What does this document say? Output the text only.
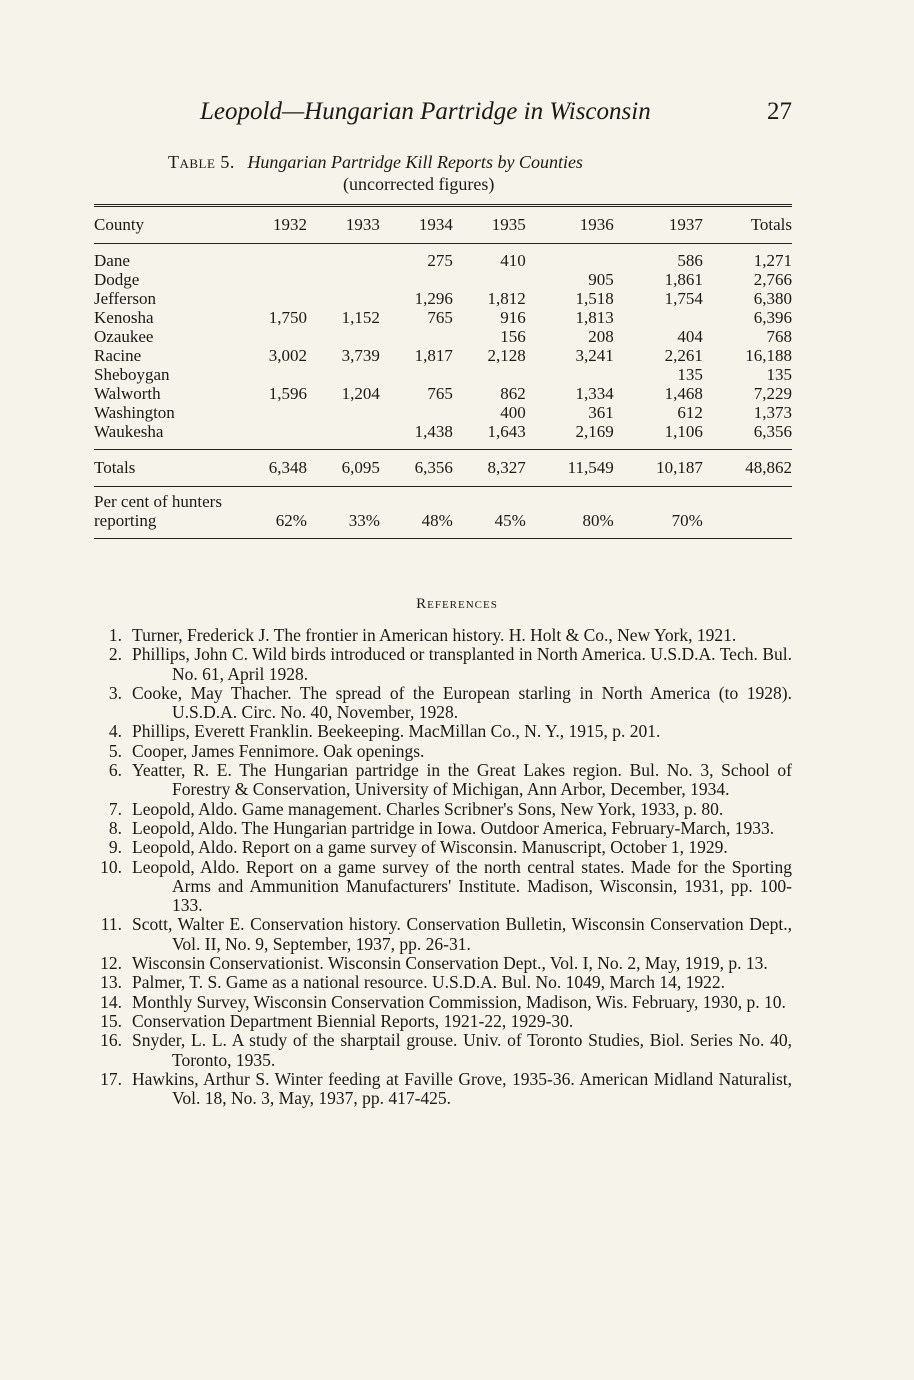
Leopold—Hungarian Partridge in Wisconsin	27
Table 5. Hungarian Partridge Kill Reports by Counties
(uncorrected figures)
County	1932	1933	1934	1935	1936	1937	Totals
Dane			275	410		586	1,271
Dodge					905	1,861	2,766
Jefferson			1,296	1,812	1,518	1,754	6,380
Kenosha	1,750	1,152	765	916	1,813		6,396
Ozaukee				156	208	404	768
Racine	3,002	3,739	1,817	2,128	3,241	2,261	16,188
Sheboygan						135	135
Walworth	1,596	1,204	765	862	1,334	1,468	7,229
Washington				400	361	612	1,373
Waukesha			1,438	1,643	2,169	1,106	6,356
Totals	6,348	6,095	6,356	8,327	11,549	10,187	48,862
Per cent of hunters reporting	62%	33%	48%	45%	80%	70%	
References
1. Turner, Frederick J. The frontier in American history. H. Holt & Co., New York, 1921.
2. Phillips, John C. Wild birds introduced or transplanted in North America. U.S.D.A. Tech. Bul. No. 61, April 1928.
3. Cooke, May Thacher. The spread of the European starling in North America (to 1928). U.S.D.A. Circ. No. 40, November, 1928.
4. Phillips, Everett Franklin. Beekeeping. MacMillan Co., N. Y., 1915, p. 201.
5. Cooper, James Fennimore. Oak openings.
6. Yeatter, R. E. The Hungarian partridge in the Great Lakes region. Bul. No. 3, School of Forestry & Conservation, University of Michigan, Ann Arbor, December, 1934.
7. Leopold, Aldo. Game management. Charles Scribner's Sons, New York, 1933, p. 80.
8. Leopold, Aldo. The Hungarian partridge in Iowa. Outdoor America, February-March, 1933.
9. Leopold, Aldo. Report on a game survey of Wisconsin. Manuscript, October 1, 1929.
10. Leopold, Aldo. Report on a game survey of the north central states. Made for the Sporting Arms and Ammunition Manufacturers' Institute. Madison, Wisconsin, 1931, pp. 100-133.
11. Scott, Walter E. Conservation history. Conservation Bulletin, Wisconsin Conservation Dept., Vol. II, No. 9, September, 1937, pp. 26-31.
12. Wisconsin Conservationist. Wisconsin Conservation Dept., Vol. I, No. 2, May, 1919, p. 13.
13. Palmer, T. S. Game as a national resource. U.S.D.A. Bul. No. 1049, March 14, 1922.
14. Monthly Survey, Wisconsin Conservation Commission, Madison, Wis. February, 1930, p. 10.
15. Conservation Department Biennial Reports, 1921-22, 1929-30.
16. Snyder, L. L. A study of the sharptail grouse. Univ. of Toronto Studies, Biol. Series No. 40, Toronto, 1935.
17. Hawkins, Arthur S. Winter feeding at Faville Grove, 1935-36. American Midland Naturalist, Vol. 18, No. 3, May, 1937, pp. 417-425.
